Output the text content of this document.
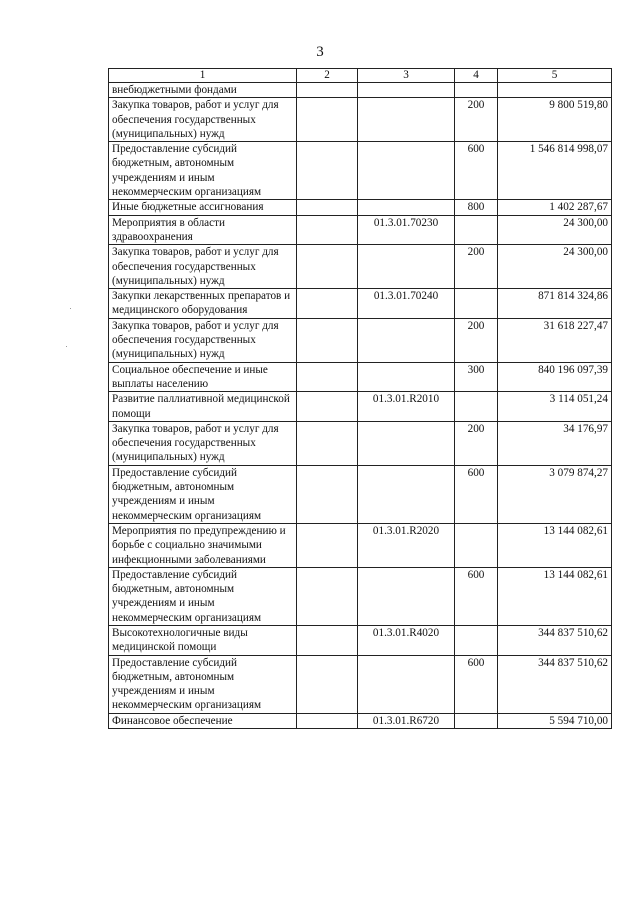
3
1	2	3	4	5
внебюджетными фондами				
Закупка товаров, работ и услуг для обеспечения государственных (муниципальных) нужд			200	9 800 519,80
Предоставление субсидий бюджетным, автономным учреждениям и иным некоммерческим организациям			600	1 546 814 998,07
Иные бюджетные ассигнования			800	1 402 287,67
Мероприятия в области здравоохранения		01.3.01.70230		24 300,00
Закупка товаров, работ и услуг для обеспечения государственных (муниципальных) нужд			200	24 300,00
Закупки лекарственных препаратов и медицинского оборудования		01.3.01.70240		871 814 324,86
Закупка товаров, работ и услуг для обеспечения государственных (муниципальных) нужд			200	31 618 227,47
Социальное обеспечение и иные выплаты населению			300	840 196 097,39
Развитие паллиативной медицинской помощи		01.3.01.R2010		3 114 051,24
Закупка товаров, работ и услуг для обеспечения государственных (муниципальных) нужд			200	34 176,97
Предоставление субсидий бюджетным, автономным учреждениям и иным некоммерческим организациям			600	3 079 874,27
Мероприятия по предупреждению и борьбе с социально значимыми инфекционными заболеваниями		01.3.01.R2020		13 144 082,61
Предоставление субсидий бюджетным, автономным учреждениям и иным некоммерческим организациям			600	13 144 082,61
Высокотехнологичные виды медицинской помощи		01.3.01.R4020		344 837 510,62
Предоставление субсидий бюджетным, автономным учреждениям и иным некоммерческим организациям			600	344 837 510,62
Финансовое обеспечение		01.3.01.R6720		5 594 710,00
